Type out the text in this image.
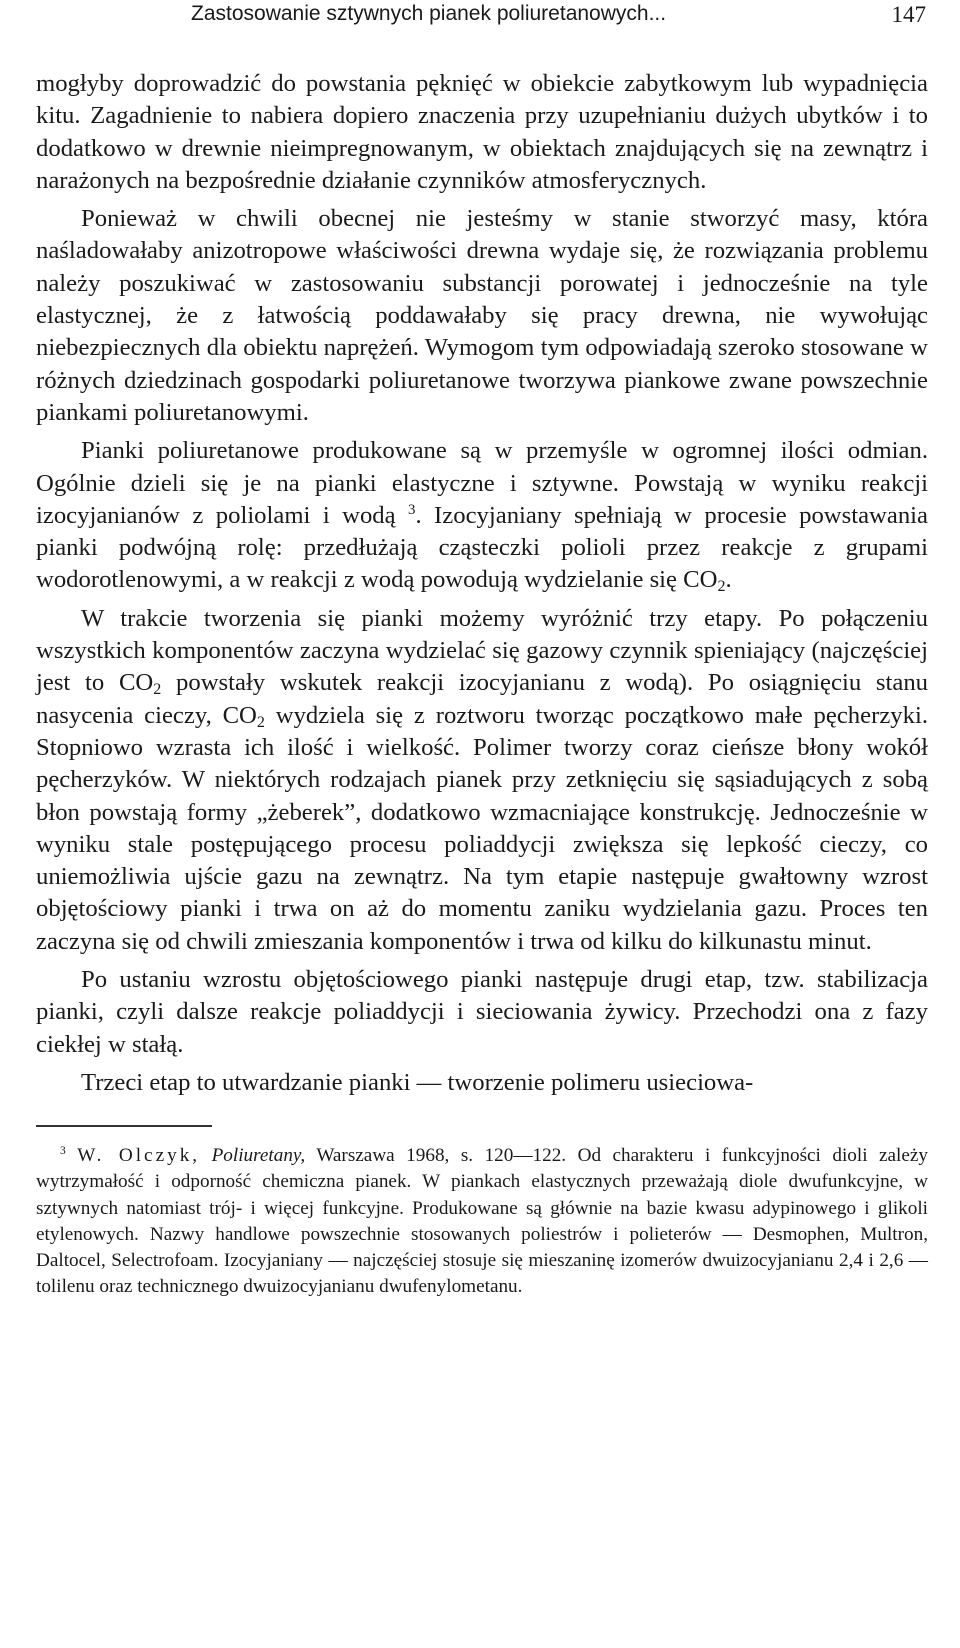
Zastosowanie sztywnych pianek poliuretanowych...	147

mogłyby doprowadzić do powstania pęknięć w obiekcie zabytkowym lub wypadnięcia kitu. Zagadnienie to nabiera dopiero znaczenia przy uzupełnianiu dużych ubytków i to dodatkowo w drewnie nieimpregnowanym, w obiektach znajdujących się na zewnątrz i narażonych na bezpośrednie działanie czynników atmosferycznych.

Ponieważ w chwili obecnej nie jesteśmy w stanie stworzyć masy, która naśladowałaby anizotropowe właściwości drewna wydaje się, że rozwiązania problemu należy poszukiwać w zastosowaniu substancji porowatej i jednocześnie na tyle elastycznej, że z łatwością poddawałaby się pracy drewna, nie wywołując niebezpiecznych dla obiektu naprężeń. Wymogom tym odpowiadają szeroko stosowane w różnych dziedzinach gospodarki poliuretanowe tworzywa piankowe zwane powszechnie piankami poliuretanowymi.

Pianki poliuretanowe produkowane są w przemyśle w ogromnej ilości odmian. Ogólnie dzieli się je na pianki elastyczne i sztywne. Powstają w wyniku reakcji izocyjanianów z poliolami i wodą $^3$. Izocyjaniany spełniają w procesie powstawania pianki podwójną rolę: przedłużają cząsteczki polioli przez reakcje z grupami wodorotlenowymi, a w reakcji z wodą powodują wydzielanie się $CO_2$.

W trakcie tworzenia się pianki możemy wyróżnić trzy etapy. Po połączeniu wszystkich komponentów zaczyna wydzielać się gazowy czynnik spieniający (najczęściej jest to $CO_2$ powstały wskutek reakcji izocyjanianu z wodą). Po osiągnięciu stanu nasycenia cieczy, $CO_2$ wydziela się z roztworu tworząc początkowo małe pęcherzyki. Stopniowo wzrasta ich ilość i wielkość. Polimer tworzy coraz cieńsze błony wokół pęcherzyków. W niektórych rodzajach pianek przy zetknięciu się sąsiadujących z sobą błon powstają formy „żeberek”, dodatkowo wzmacniające konstrukcję. Jednocześnie w wyniku stale postępującego procesu poliaddycji zwiększa się lepkość cieczy, co uniemożliwia ujście gazu na zewnątrz. Na tym etapie następuje gwałtowny wzrost objętościowy pianki i trwa on aż do momentu zaniku wydzielania gazu. Proces ten zaczyna się od chwili zmieszania komponentów i trwa od kilku do kilkunastu minut.

Po ustaniu wzrostu objętościowego pianki następuje drugi etap, tzw. stabilizacja pianki, czyli dalsze reakcje poliaddycji i sieciowania żywicy. Przechodzi ona z fazy ciekłej w stałą.

Trzeci etap to utwardzanie pianki — tworzenie polimeru usieciowa-

$^3$ W. Olczyk, Poliuretany, Warszawa 1968, s. 120—122. Od charakteru i funkcyjności dioli zależy wytrzymałość i odporność chemiczna pianek. W piankach elastycznych przeważają diole dwufunkcyjne, w sztywnych natomiast trój- i więcej funkcyjne. Produkowane są głównie na bazie kwasu adypinowego i glikoli etylenowych. Nazwy handlowe powszechnie stosowanych poliestrów i polieterów — Desmophen, Multron, Daltocel, Selectrofoam. Izocyjaniany — najczęściej stosuje się mieszaninę izomerów dwuizocyjanianu 2,4 i 2,6 — tolilenu oraz technicznego dwuizocyjanianu dwufenylometanu.
